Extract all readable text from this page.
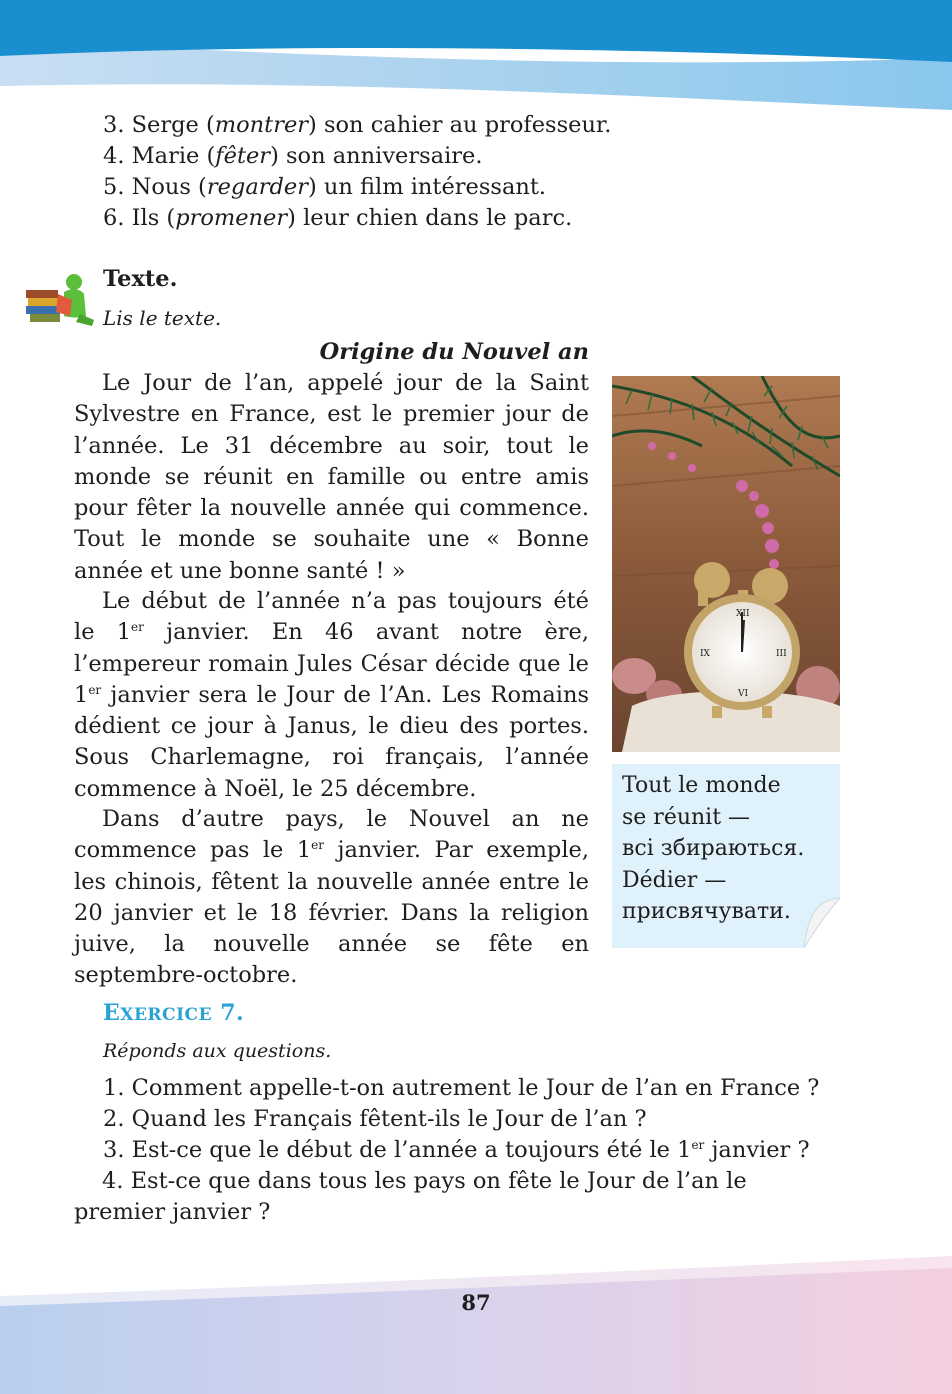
3. Serge (montrer) son cahier au professeur.
4. Marie (fêter) son anniversaire.
5. Nous (regarder) un film intéressant.
6. Ils (promener) leur chien dans le parc.
Texte.
Lis le texte.
Origine du Nouvel an
Le Jour de l’an, appelé jour de la Saint Sylvestre en France, est le premier jour de l’année. Le 31 décembre au soir, tout le monde se réunit en famille ou entre amis pour fêter la nouvelle année qui commence. Tout le monde se souhaite une « Bonne année et une bonne santé ! »
Le début de l’année n’a pas toujours été le 1er janvier. En 46 avant notre ère, l’empereur romain Jules César décide que le 1er janvier sera le Jour de l’An. Les Romains dédient ce jour à Janus, le dieu des portes. Sous Charlemagne, roi français, l’année commence à Noël, le 25 décembre.
Dans d’autre pays, le Nouvel an ne commence pas le 1er janvier. Par exemple, les chinois, fêtent la nouvelle année entre le 20 janvier et le 18 février. Dans la religion juive, la nouvelle année se fête en septembre-octobre.
XII
III
VI
IX
Tout le monde
se réunit —
всі збираються.
Dédier —
присвячувати.
EXERCICE 7.
Réponds aux questions.
1. Comment appelle-t-on autrement le Jour de l’an en France ?
2. Quand les Français fêtent-ils le Jour de l’an ?
3. Est-ce que le début de l’année a toujours été le 1er janvier ?
4. Est-ce que dans tous les pays on fête le Jour de l’an le premier janvier ?
87
